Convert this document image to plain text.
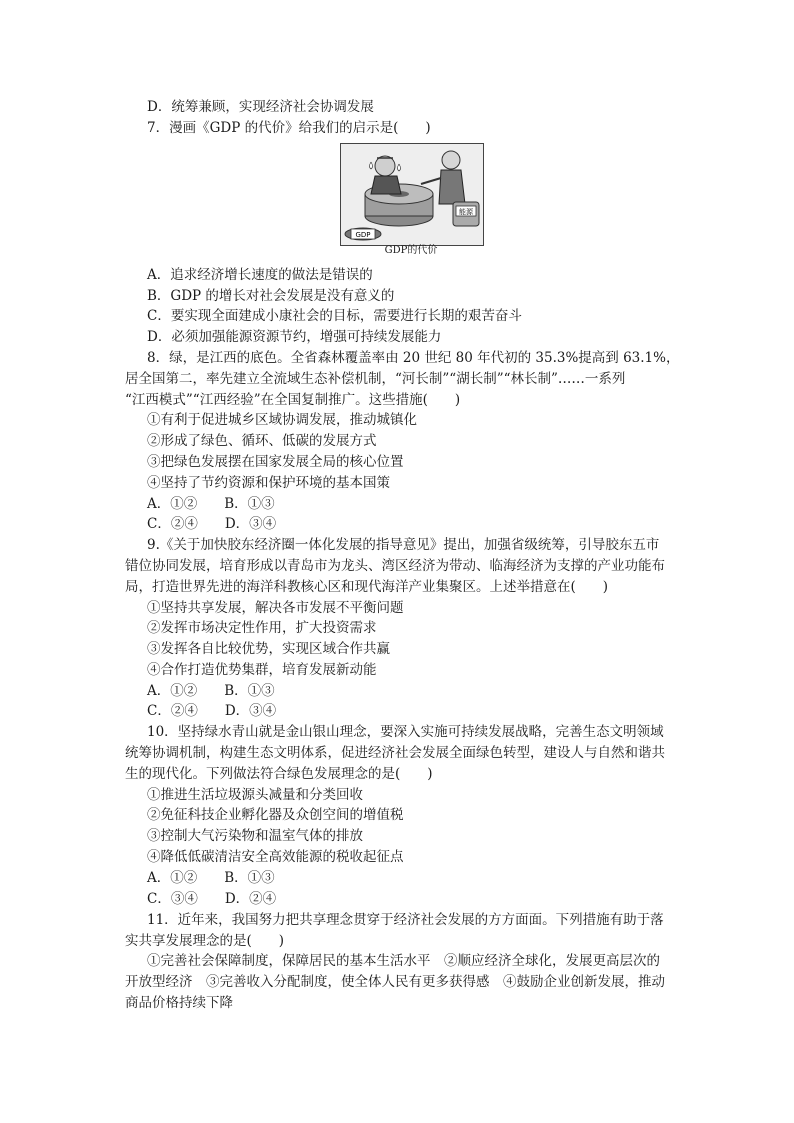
D．统筹兼顾，实现经济社会协调发展
7．漫画《GDP 的代价》给我们的启示是(　　)
能源
GDP
GDP的代价
A．追求经济增长速度的做法是错误的
B．GDP 的增长对社会发展是没有意义的
C．要实现全面建成小康社会的目标，需要进行长期的艰苦奋斗
D．必须加强能源资源节约，增强可持续发展能力
8．绿，是江西的底色。全省森林覆盖率由 20 世纪 80 年代初的 35.3%提高到 63.1%，
居全国第二，率先建立全流域生态补偿机制，“河长制”“湖长制”“林长制”……一系列
“江西模式”“江西经验”在全国复制推广。这些措施(　　)
①有利于促进城乡区域协调发展，推动城镇化
②形成了绿色、循环、低碳的发展方式
③把绿色发展摆在国家发展全局的核心位置
④坚持了节约资源和保护环境的基本国策
A．①②　　B．①③
C．②④　　D．③④
9.《关于加快胶东经济圈一体化发展的指导意见》提出，加强省级统筹，引导胶东五市
错位协同发展，培育形成以青岛市为龙头、湾区经济为带动、临海经济为支撑的产业功能布
局，打造世界先进的海洋科教核心区和现代海洋产业集聚区。上述举措意在(　　)
①坚持共享发展，解决各市发展不平衡问题
②发挥市场决定性作用，扩大投资需求
③发挥各自比较优势，实现区域合作共赢
④合作打造优势集群，培育发展新动能
A．①②　　B．①③
C．②④　　D．③④
10．坚持绿水青山就是金山银山理念，要深入实施可持续发展战略，完善生态文明领域
统筹协调机制，构建生态文明体系，促进经济社会发展全面绿色转型，建设人与自然和谐共
生的现代化。下列做法符合绿色发展理念的是(　　)
①推进生活垃圾源头减量和分类回收
②免征科技企业孵化器及众创空间的增值税
③控制大气污染物和温室气体的排放
④降低低碳清洁安全高效能源的税收起征点
A．①②　　B．①③
C．③④　　D．②④
11．近年来，我国努力把共享理念贯穿于经济社会发展的方方面面。下列措施有助于落
实共享发展理念的是(　　)
①完善社会保障制度，保障居民的基本生活水平　②顺应经济全球化，发展更高层次的
开放型经济　③完善收入分配制度，使全体人民有更多获得感　④鼓励企业创新发展，推动
商品价格持续下降
